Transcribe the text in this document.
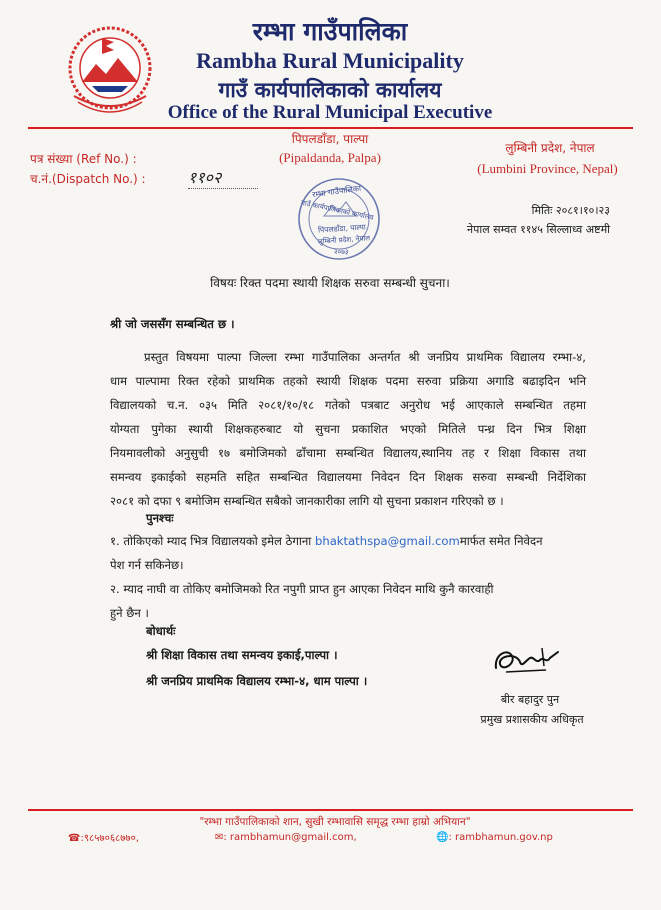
रम्भा गाउँपालिका
Rambha Rural Municipality
गाउँ कार्यपालिकाको कार्यालय
Office of the Rural Municipal Executive
पिपलडाँडा, पाल्पा
(Pipaldanda, Palpa)
लुम्बिनी प्रदेश, नेपाल
(Lumbini Province, Nepal)
पत्र संख्या (Ref No.) :
च.नं.(Dispatch No.) :	११०२
रम्भा गाउँपालिका
गाउँ कार्यपालिकाको कार्यालय
पिपलडाँडा, पाल्पा
लुम्बिनी प्रदेश, नेपाल
२०७३
मितिः २०८१।१०।२३
नेपाल सम्वत ११४५ सिल्लाध्व अष्टमी
विषयः रिक्त पदमा स्थायी शिक्षक सरुवा सम्बन्धी सुचना।
श्री जो जससँग सम्बन्धित छ ।
प्रस्तुत विषयमा पाल्पा जिल्ला रम्भा गाउँपालिका अन्तर्गत श्री जनप्रिय प्राथमिक विद्यालय रम्भा-४,
धाम पाल्पामा रिक्त रहेको प्राथमिक तहको स्थायी शिक्षक पदमा सरुवा प्रक्रिया अगाडि बढाइदिन भनि
विद्यालयको च.न. ०३५ मिति २०८१/१०/१८ गतेको पत्रबाट अनुरोध भई आएकाले सम्बन्धित तहमा
योग्यता पुगेका स्थायी शिक्षकहरुबाट यो सुचना प्रकाशित भएको मितिले पन्ध्र दिन भित्र शिक्षा
नियमावलीको अनुसुची १७ बमोजिमको ढाँचामा सम्बन्धित विद्यालय,स्थानिय तह र शिक्षा विकास तथा
समन्वय इकाईको सहमति सहित सम्बन्धित विद्यालयमा निवेदन दिन शिक्षक सरुवा सम्बन्धी निर्देशिका
२०८१ को दफा ९ बमोजिम सम्बन्धित सबैको जानकारीका लागि यो सुचना प्रकाशन गरिएको छ ।
पुनश्चः
१. तोकिएको म्याद भित्र विद्यालयको इमेल ठेगाना bhaktathspa@gmail.comमार्फत समेत निवेदन
पेश गर्न सकिनेछ।
२. म्याद नाघी वा तोकिए बमोजिमको रित नपुगी प्राप्त हुन आएका निवेदन माथि कुनै कारवाही
हुने छैन ।
बोधार्थः
श्री शिक्षा विकास तथा समन्वय इकाई,पाल्पा ।
श्री जनप्रिय प्राथमिक विद्यालय रम्भा-४, धाम पाल्पा ।
बीर बहादुर पुन
प्रमुख प्रशासकीय अधिकृत
"रम्भा गाउँपालिकाको शान, सुखी रम्भावासि समृद्ध रम्भा हाम्रो अभियान"
☎:९८५७०६८७७०,	✉: rambhamun@gmail.com,	🌐: rambhamun.gov.np
